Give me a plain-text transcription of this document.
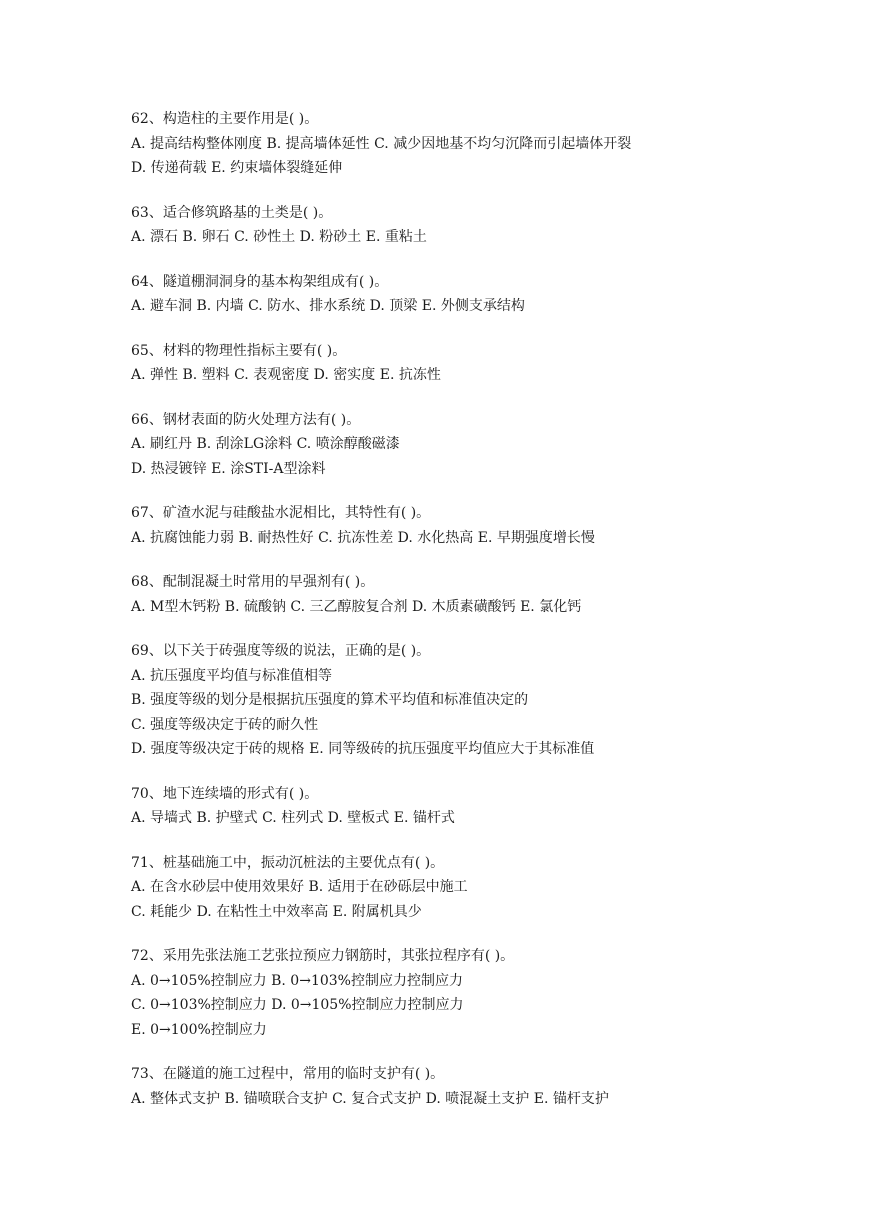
62、构造柱的主要作用是( )。
A. 提高结构整体刚度 B. 提高墙体延性 C. 减少因地基不均匀沉降而引起墙体开裂
D. 传递荷载 E. 约束墙体裂缝延伸
63、适合修筑路基的土类是( )。
A. 漂石 B. 卵石 C. 砂性土 D. 粉砂土 E. 重粘土
64、隧道棚洞洞身的基本构架组成有( )。
A. 避车洞 B. 内墙 C. 防水、排水系统 D. 顶梁 E. 外侧支承结构
65、材料的物理性指标主要有( )。
A. 弹性 B. 塑料 C. 表观密度 D. 密实度 E. 抗冻性
66、钢材表面的防火处理方法有( )。
A. 刷红丹 B. 刮涂LG涂料 C. 喷涂醇酸磁漆
D. 热浸镀锌 E. 涂STI-A型涂料
67、矿渣水泥与硅酸盐水泥相比，其特性有( )。
A. 抗腐蚀能力弱 B. 耐热性好 C. 抗冻性差 D. 水化热高 E. 早期强度增长慢
68、配制混凝土时常用的早强剂有( )。
A. M型木钙粉 B. 硫酸钠 C. 三乙醇胺复合剂 D. 木质素磺酸钙 E. 氯化钙
69、以下关于砖强度等级的说法，正确的是( )。
A. 抗压强度平均值与标准值相等
B. 强度等级的划分是根据抗压强度的算术平均值和标准值决定的
C. 强度等级决定于砖的耐久性
D. 强度等级决定于砖的规格 E. 同等级砖的抗压强度平均值应大于其标准值
70、地下连续墙的形式有( )。
A. 导墙式 B. 护壁式 C. 柱列式 D. 壁板式 E. 锚杆式
71、桩基础施工中，振动沉桩法的主要优点有( )。
A. 在含水砂层中使用效果好 B. 适用于在砂砾层中施工
C. 耗能少 D. 在粘性土中效率高 E. 附属机具少
72、采用先张法施工艺张拉预应力钢筋时，其张拉程序有( )。
A. 0→105%控制应力 B. 0→103%控制应力控制应力
C. 0→103%控制应力 D. 0→105%控制应力控制应力
E. 0→100%控制应力
73、在隧道的施工过程中，常用的临时支护有( )。
A. 整体式支护 B. 锚喷联合支护 C. 复合式支护 D. 喷混凝土支护 E. 锚杆支护
